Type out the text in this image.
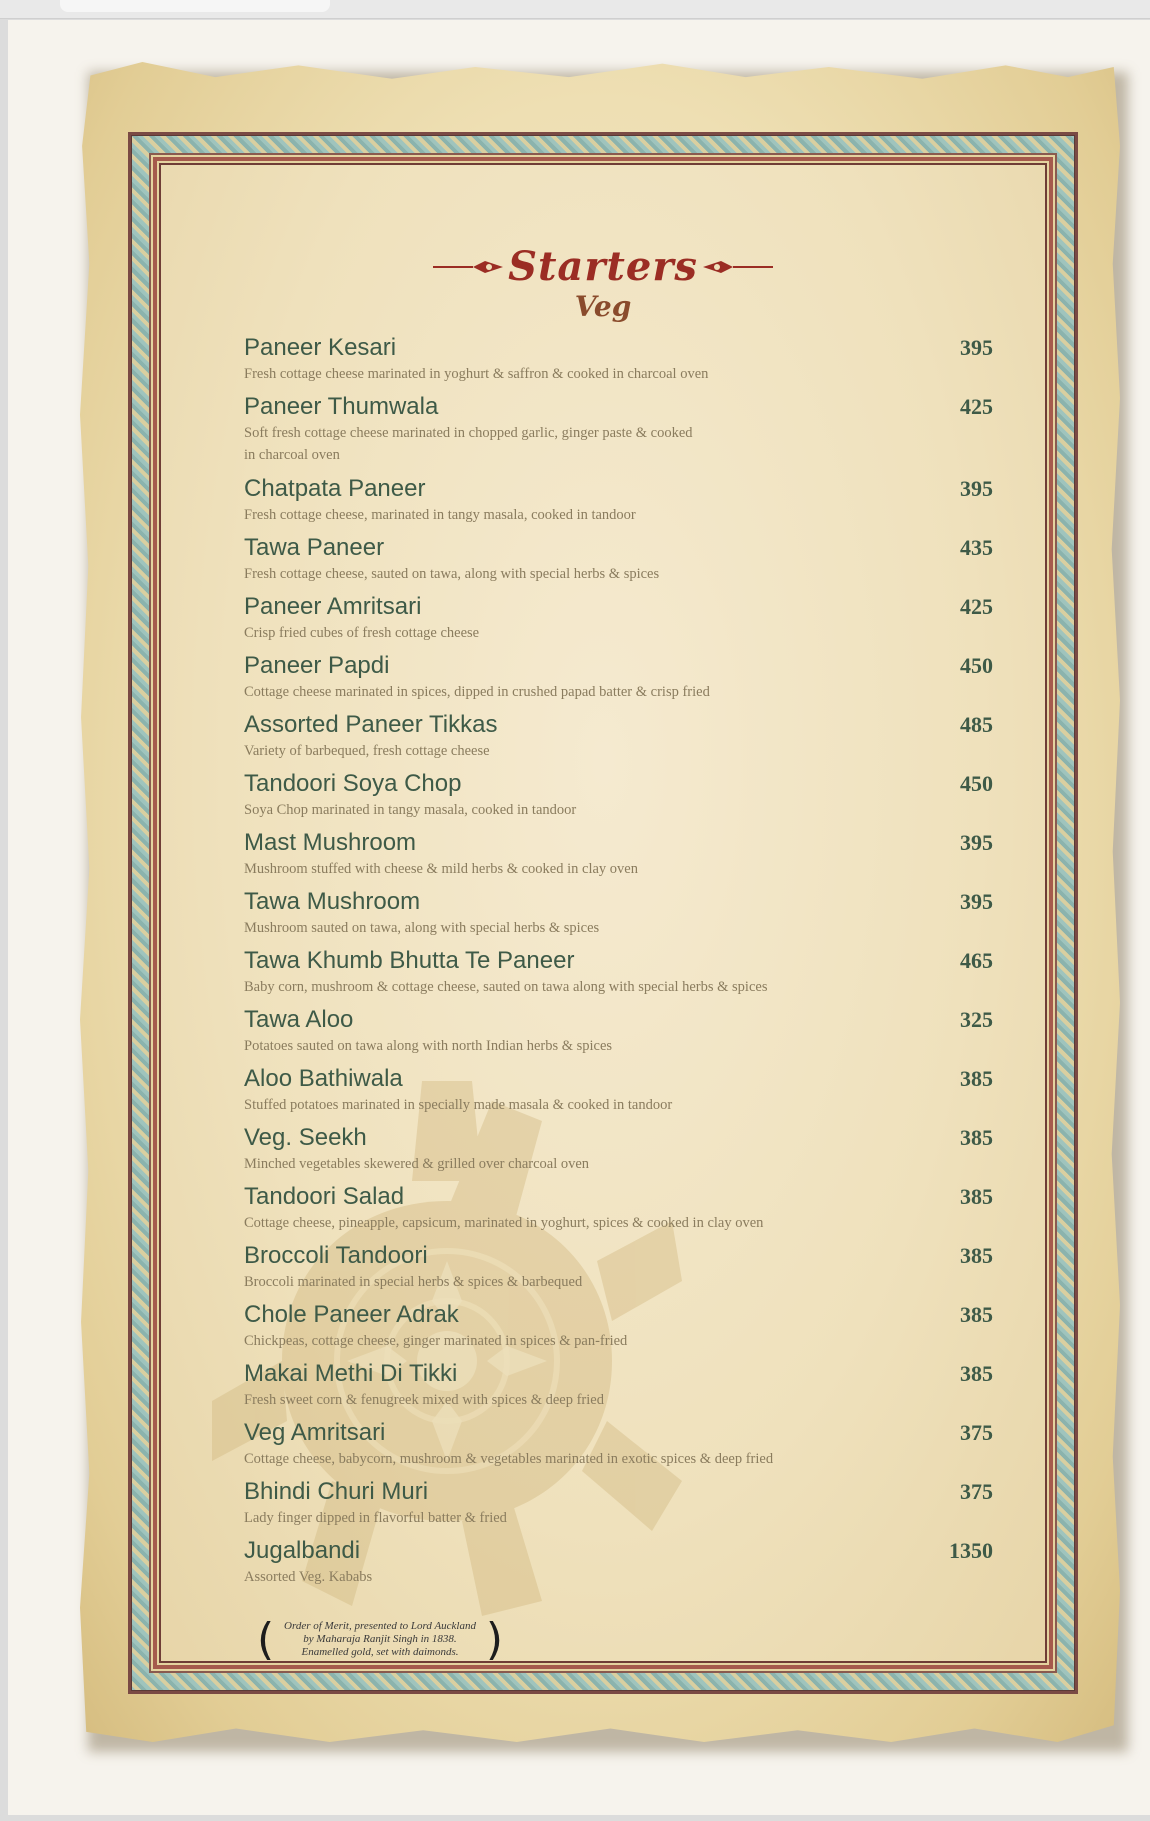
Starters
Veg
Paneer Kesari
Fresh cottage cheese marinated in yoghurt & saffron & cooked in charcoal oven
395
Paneer Thumwala
Soft fresh cottage cheese marinated in chopped garlic, ginger paste & cooked in charcoal oven
425
Chatpata Paneer
Fresh cottage cheese, marinated in tangy masala, cooked in tandoor
395
Tawa Paneer
Fresh cottage cheese, sauted on tawa, along with special herbs & spices
435
Paneer Amritsari
Crisp fried cubes of fresh cottage cheese
425
Paneer Papdi
Cottage cheese marinated in spices, dipped in crushed papad batter & crisp fried
450
Assorted Paneer Tikkas
Variety of barbequed, fresh cottage cheese
485
Tandoori Soya Chop
Soya Chop marinated in tangy masala, cooked in tandoor
450
Mast Mushroom
Mushroom stuffed with cheese & mild herbs & cooked in clay oven
395
Tawa Mushroom
Mushroom sauted on tawa, along with special herbs & spices
395
Tawa Khumb Bhutta Te Paneer
Baby corn, mushroom & cottage cheese, sauted on tawa along with special herbs & spices
465
Tawa Aloo
Potatoes sauted on tawa along with north Indian herbs & spices
325
Aloo Bathiwala
Stuffed potatoes marinated in specially made masala & cooked in tandoor
385
Veg. Seekh
Minched vegetables skewered & grilled over charcoal oven
385
Tandoori Salad
Cottage cheese, pineapple, capsicum, marinated in yoghurt, spices & cooked in clay oven
385
Broccoli Tandoori
Broccoli marinated in special herbs & spices & barbequed
385
Chole Paneer Adrak
Chickpeas, cottage cheese, ginger marinated in spices & pan-fried
385
Makai Methi Di Tikki
Fresh sweet corn & fenugreek mixed with spices & deep fried
385
Veg Amritsari
Cottage cheese, babycorn, mushroom & vegetables marinated in exotic spices & deep fried
375
Bhindi Churi Muri
Lady finger dipped in flavorful batter & fried
375
Jugalbandi
Assorted Veg. Kababs
1350
( Order of Merit, presented to Lord Auckland
by Maharaja Ranjit Singh in 1838.
Enamelled gold, set with daimonds. )
